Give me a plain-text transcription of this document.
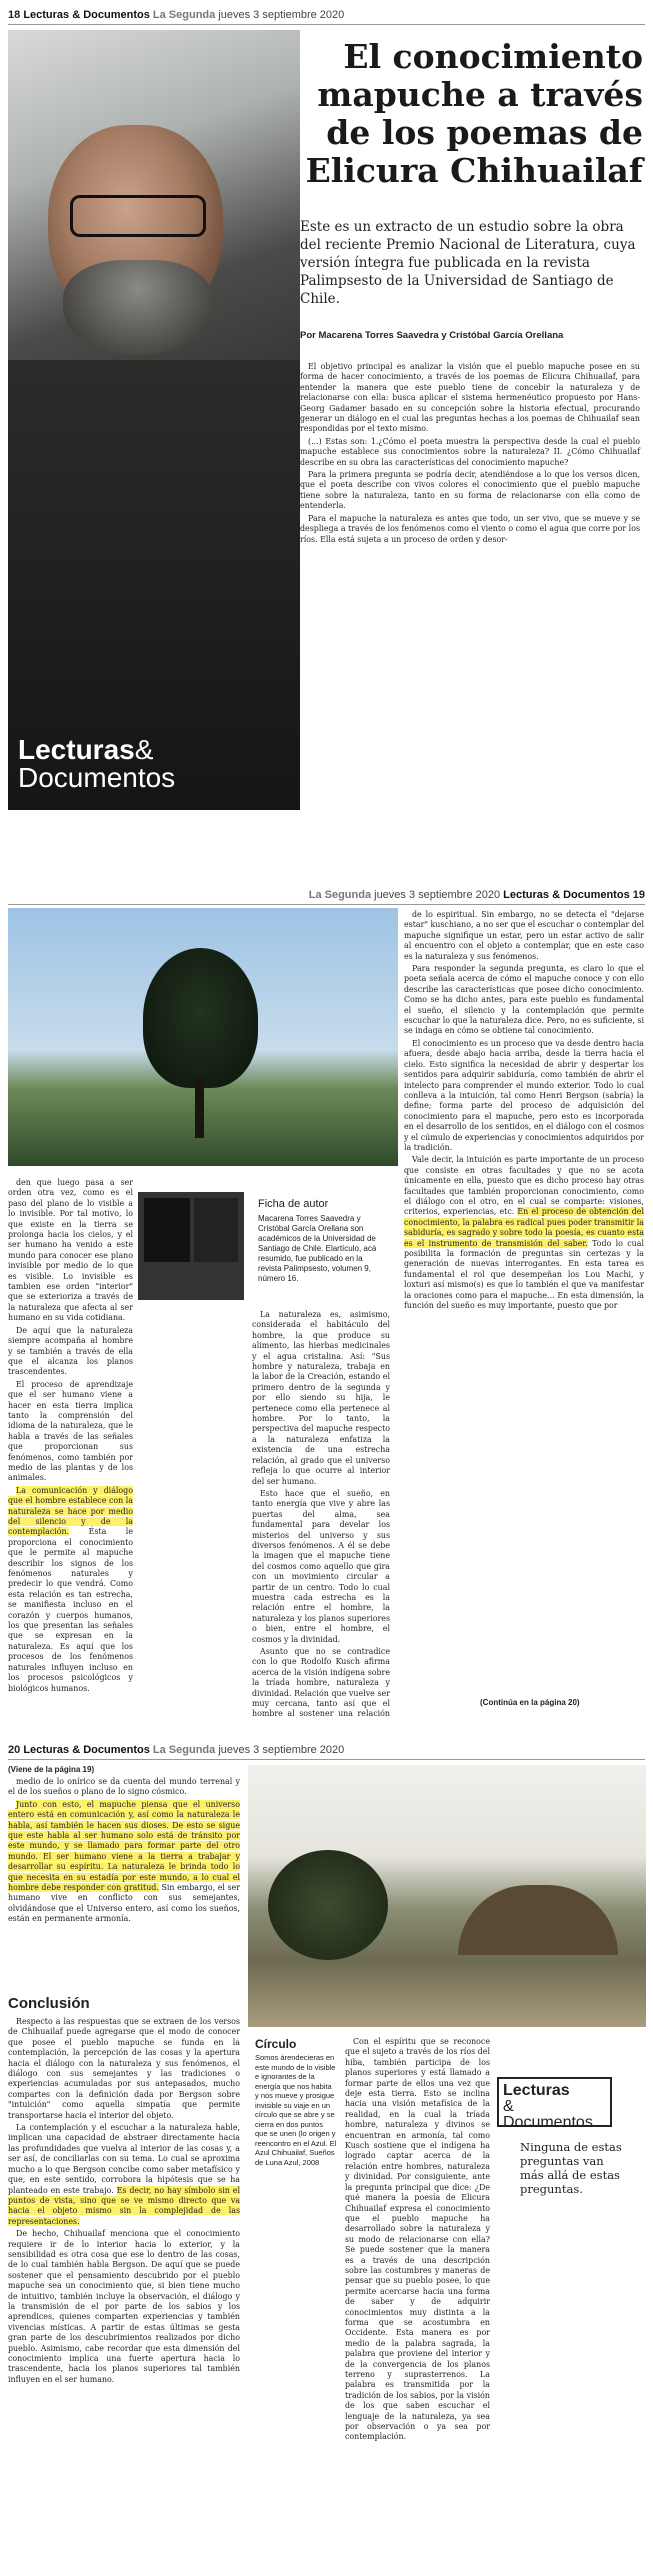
18 Lecturas & Documentos La Segunda jueves 3 septiembre 2020
Lecturas&
Documentos
El conocimiento mapuche a través de los poemas de Elicura Chihuailaf
Este es un extracto de un estudio sobre la obra del reciente Premio Nacional de Literatura, cuya versión íntegra fue publicada en la revista Palimpsesto de la Universidad de Santiago de Chile.
Por Macarena Torres Saavedra y Cristóbal García Orellana

El objetivo principal es analizar la visión que el pueblo mapuche posee en su forma de hacer conocimiento, a través de los poemas de Elicura Chihuailaf, para entender la manera que este pueblo tiene de concebir la naturaleza y de relacionarse con ella: busca aplicar el sistema hermenéutico propuesto por Hans-Georg Gadamer basado en su concepción sobre la historia efectual, procurando generar un diálogo en el cual las preguntas hechas a los poemas de Chihuailaf sean respondidas por el texto mismo.

(...) Estas son: 1.¿Cómo el poeta muestra la perspectiva desde la cual el pueblo mapuche establece sus conocimientos sobre la naturaleza? II. ¿Cómo Chihuailaf describe en su obra las características del conocimiento mapuche?

Para la primera pregunta se podría decir, atendiéndose a lo que los versos dicen, que el poeta describe con vivos colores el conocimiento que el pueblo mapuche tiene sobre la naturaleza, tanto en su forma de relacionarse con ella como de entenderla.

Para el mapuche la naturaleza es antes que todo, un ser vivo, que se mueve y se despliega a través de los fenómenos como el viento o como el agua que corre por los ríos. Ella está sujeta a un proceso de orden y desor-

La Segunda jueves 3 septiembre 2020 Lecturas & Documentos 19

den que luego pasa a ser orden otra vez, como es el paso del plano de lo visible a lo invisible. Por tal motivo, lo que existe en la tierra se prolonga hacia los cielos, y el ser humano ha venido a este mundo para conocer ese plano invisible por medio de lo que es visible. Lo invisible es tambien ese orden "interior" que se exterioriza a través de la naturaleza que afecta al ser humano en su vida cotidiana.

De aquí que la naturaleza siempre acompaña al hombre y se también a través de ella que el alcanza los planos trascendentes.

El proceso de aprendizaje que el ser humano viene a hacer en esta tierra implica tanto la comprensión del idioma de la naturaleza, que le habla a través de las señales que proporcionan sus fenómenos, como también por medio de las plantas y de los animales.

La comunicación y diálogo que el hombre establece con la naturaleza se hace por medio del silencio y de la contemplación. Ésta le proporciona el conocimiento que le permite al mapuche describir los signos de los fenómenos naturales y predecir lo que vendrá. Como esta relación es tan estrecha, se manifiesta incluso en el corazón y cuerpos humanos, los que presentan las señales que se expresan en la naturaleza. Es aquí que los procesos de los fenómenos naturales influyen incluso en los procesos psicológicos y biológicos humanos.

Ficha de autor
Macarena Torres Saavedra y Cristóbal García Orellana son académicos de la Universidad de Santiago de Chile. Elartículo, acá resumido, fue publicado en la revista Palimpsesto, volumen 9, número 16.

La naturaleza es, asimismo, considerada el habitáculo del hombre, la que produce su alimento, las hierbas medicinales y el agua cristalina. Así: "Sus hombre y naturaleza, trabaja en la labor de la Creación, estando el primero dentro de la segunda y por ello siendo su hija, le pertenece como ella pertenece al hombre. Por lo tanto, la perspectiva del mapuche respecto a la naturaleza enfatiza la existencia de una estrecha relación, al grado que el universo refleja lo que ocurre al interior del ser humano.

Esto hace que el sueño, en tanto energía que vive y abre las puertas del alma, sea fundamental para develar los misterios del universo y sus diversos fenómenos. A él se debe la imagen que el mapuche tiene del cosmos como aquello que gira con un movimiento circular a partir de un centro. Todo lo cual muestra cada estrecha es la relación entre el hombre, la naturaleza y los planos superiores o bien, entre el hombre, el cosmos y la divinidad.

Asunto que no se contradice con lo que Rodolfo Kusch afirma acerca de la visión indígena sobre la tríada hombre, naturaleza y divinidad. Relación que vuelve ser muy cercana, tanto así que el hombre al sostener una relación

de lo espiritual. Sin embargo, no se detecta el "dejarse estar" kuschiano, a no ser que el escuchar o contemplar del mapuche signifique un estar, pero un estar activo de salir al encuentro con el objeto a contemplar, que en este caso es la naturaleza y sus fenómenos.

Para responder la segunda pregunta, es claro lo que el poeta señala acerca de cómo el mapuche conoce y con ello describe las características que posee dicho conocimiento. Como se ha dicho antes, para este pueblo es fundamental el sueño, el silencio y la contemplación que permite escuchar lo que la naturaleza dice. Pero, no es suficiente, si se indaga en cómo se obtiene tal conocimiento.

El conocimiento es un proceso que va desde dentro hacia afuera, desde abajo hacia arriba, desde la tierra hacia el cielo. Esto significa la necesidad de abrir y despertar los sentidos para adquirir sabiduría, como también de abrir el intelecto para comprender el mundo exterior. Todo lo cual conlleva a la intuición, tal como Henri Bergson (sabría) la define; forma parte del proceso de adquisición del conocimiento para el mapuche, pero esto es incorporada en el desarrollo de los sentidos, en el diálogo con el cosmos y el cúmulo de experiencias y conocimientos adquiridos por la tradición.

Vale decir, la intuición es parte importante de un proceso que consiste en otras facultades y que no se acota únicamente en ella, puesto que es dicho proceso hay otras facultades que también proporcionan conocimiento, como el diálogo con el otro, en el cual se comparte: visiones, criterios, experiencias, etc. En el proceso de obtención del conocimiento, la palabra es radical pues poder transmitir la sabiduría, es sagrado y sobre todo la poesía, es cuanto esta es el instrumento de transmisión del saber. Todo lo cual posibilita la formación de preguntas sin certezas y la generación de nuevas interrogantes. En esta tarea es fundamental el rol que desempeñan los Lou Machi, y loxturi así mismo(s) es que lo también el que va manifestar la oraciones como para el mapuche... En esta dimensión, la función del sueño es muy importante, puesto que por

(Continúa en la página 20)
20 Lecturas & Documentos La Segunda jueves 3 septiembre 2020
(Viene de la página 19)

medio de lo onírico se da cuenta del mundo terrenal y el de los sueños o plano de lo signo cósmico.

Junto con esto, el mapuche piensa que el universo entero está en comunicación y, así como la naturaleza le habla, así también le hacen sus dioses. De esto se sigue que este habla al ser humano solo está de tránsito por este mundo, y se llamado para formar parte del otro mundo. El ser humano viene a la tierra a trabajar y desarrollar su espíritu. La naturaleza le brinda todo lo que necesita en su estadía por este mundo, a lo cual el hombre debe responder con gratitud. Sin embargo, el ser humano vive en conflicto con sus semejantes, olvidándose que el Universo entero, así como los sueños, están en permanente armonía.

Conclusión

Respecto a las respuestas que se extraen de los versos de Chihuailaf puede agregarse que el modo de conocer que posee el pueblo mapuche se funda en la contemplación, la percepción de las cosas y la apertura hacia el diálogo con la naturaleza y sus fenómenos, el diálogo con sus semejantes y las tradiciones o experiencias acumuladas por sus antepasados, mucho compartes con la definición dada por Bergson sobre "intuición" como aquella simpatía que permite transportarse hacia el interior del objeto.

La contemplación y el escuchar a la naturaleza hable, implican una capacidad de abstraer directamente hacia las profundidades que vuelva al interior de las cosas y, a ser así, de conciliarlas con su tema. Lo cual se aproxima mucho a lo que Bergson concibe como saber metafísico y que, en este sentido, corrobora la hipótesis que se ha planteado en este trabajo. Es decir, no hay símbolo sin el puntos de vista, sino que se ve mismo directo que va hacia el objeto mismo sin la complejidad de las representaciones.

De hecho, Chihuailaf menciona que el conocimiento requiere ir de lo interior hacia lo exterior, y la sensibilidad es otra cosa que ese lo dentro de las cosas, de lo cual también habla Bergson. De aquí que se puede sostener que el pensamiento descubrido por el pueblo mapuche sea un conocimiento que, si bien tiene mucho de intuitivo, también incluye la observación, el diálogo y la transmisión de el por parte de los sabios y los aprendices, quienes comparten experiencias y también vivencias místicas. A partir de estas últimas se gesta gran parte de los descubrimientos realizados por dicho pueblo. Asimismo, cabe recordar que esta dimensión del conocimiento implica una fuerte apertura hacia lo trascendente, hacia los planos superiores tal también influyen en el ser humano.

Círculo
Somos árendecieras en este mundo de lo visible e ignorantes de la energía que nos habita y nos mueve y prosigue invisible su viaje en un círculo que se abre y se cierra en dos puntos que se unen (lo origen y reencontro en el Azul. El Azul Chihuailaf, Sueños de Luna Azul, 2008

Con el espíritu que se reconoce que el sujeto a través de los ríos del hiba, también participa de los planos superiores y está llamado a formar parte de ellos una vez que deje esta tierra. Esto se inclina hacia una visión metafísica de la realidad, en la cual la tríada hombre, naturaleza y divinos se encuentran en armonía, tal como Kusch sostiene que el indígena ha logrado captar acerca de la relación entre hombres, naturaleza y divinidad. Por consiguiente, ante la pregunta principal que dice: ¿De qué manera la poesía de Elicura Chihuailaf expresa el conocimiento que el pueblo mapuche ha desarrollado sobre la naturaleza y su modo de relacionarse con ella? Se puede sostener que la manera es a través de una descripción sobre las costumbres y maneras de pensar que su pueblo posee, lo que permite acercarse hacia una forma de saber y de adquirir conocimientos muy distinta a la forma que se acostumbra en Occidente. Esta manera es por medio de la palabra sagrada, la palabra que proviene del interior y de la convergencia de los planos terreno y suprasterrenos. La palabra es transmitida por la tradición de los sabios, por la visión de los que saben escuchar el lenguaje de la naturaleza, ya sea por observación o ya sea por contemplación.

Lecturas
& Documentos
Ninguna de estas preguntas van más allá de estas preguntas.
